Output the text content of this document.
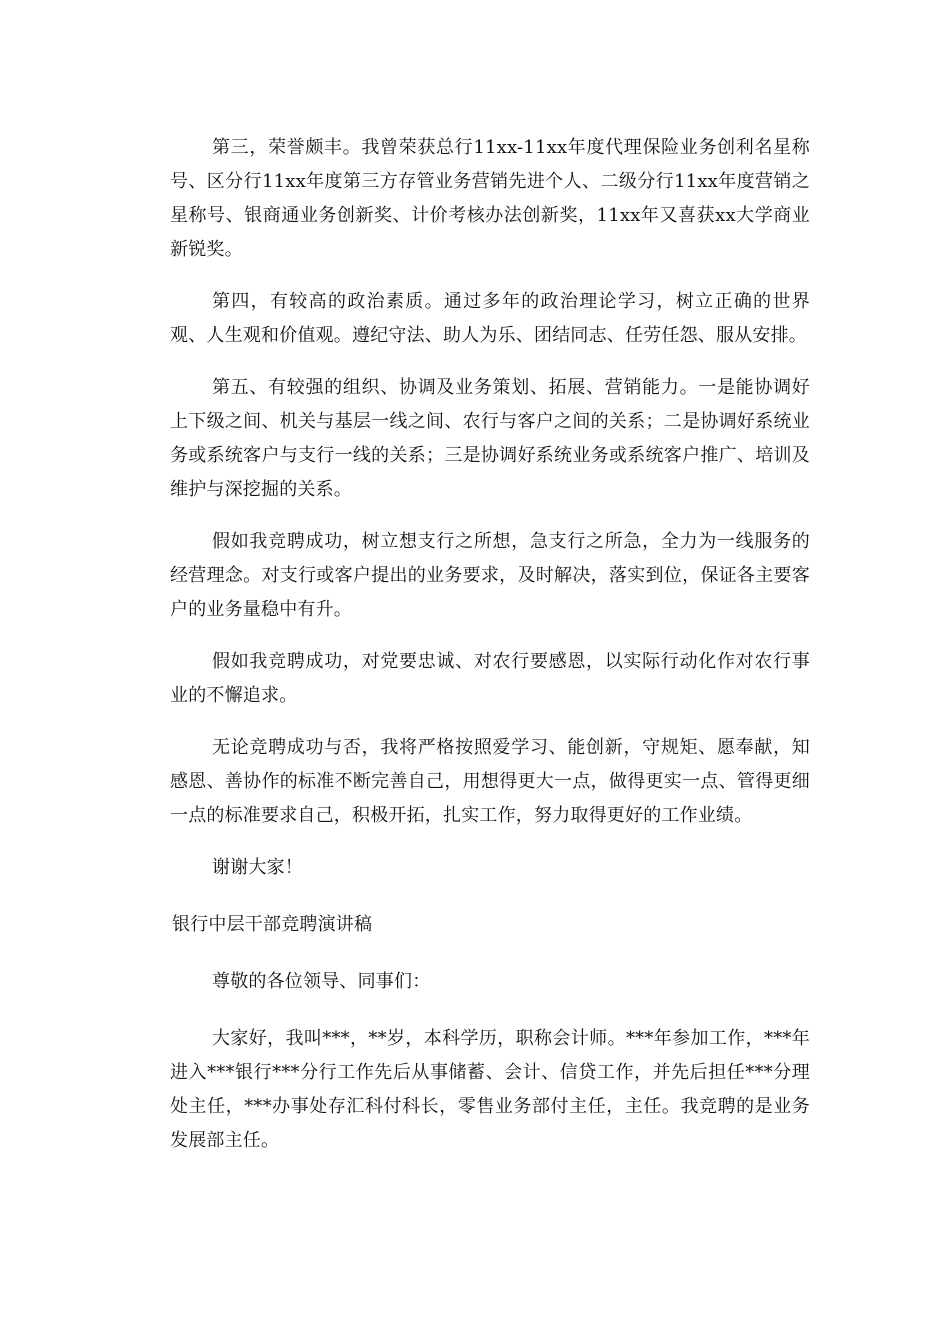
第三，荣誉颇丰。我曾荣获总行11xx-11xx年度代理保险业务创利名星称号、区分行11xx年度第三方存管业务营销先进个人、二级分行11xx年度营销之星称号、银商通业务创新奖、计价考核办法创新奖，11xx年又喜获xx大学商业新锐奖。

第四，有较高的政治素质。通过多年的政治理论学习，树立正确的世界观、人生观和价值观。遵纪守法、助人为乐、团结同志、任劳任怨、服从安排。

第五、有较强的组织、协调及业务策划、拓展、营销能力。一是能协调好上下级之间、机关与基层一线之间、农行与客户之间的关系；二是协调好系统业务或系统客户与支行一线的关系；三是协调好系统业务或系统客户推广、培训及维护与深挖掘的关系。

假如我竞聘成功，树立想支行之所想，急支行之所急，全力为一线服务的经营理念。对支行或客户提出的业务要求，及时解决，落实到位，保证各主要客户的业务量稳中有升。

假如我竞聘成功，对党要忠诚、对农行要感恩，以实际行动化作对农行事业的不懈追求。

无论竞聘成功与否，我将严格按照爱学习、能创新，守规矩、愿奉献，知感恩、善协作的标准不断完善自己，用想得更大一点，做得更实一点、管得更细一点的标准要求自己，积极开拓，扎实工作，努力取得更好的工作业绩。

谢谢大家！

银行中层干部竞聘演讲稿

尊敬的各位领导、同事们：

大家好，我叫***，**岁，本科学历，职称会计师。***年参加工作，***年进入***银行***分行工作先后从事储蓄、会计、信贷工作，并先后担任***分理处主任，***办事处存汇科付科长，零售业务部付主任，主任。我竞聘的是业务发展部主任。
